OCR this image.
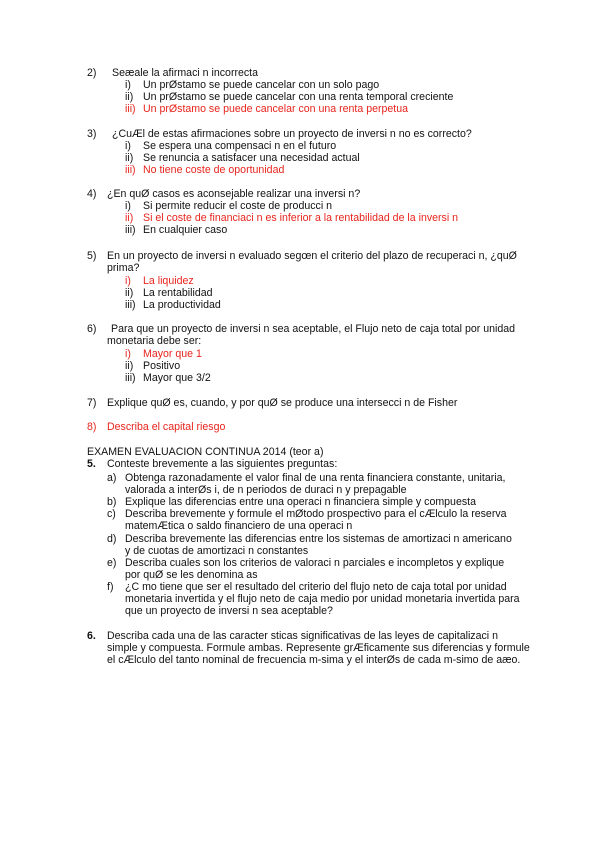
2) Seæale la afirmaci n incorrecta
i) Un prØstamo se puede cancelar con un solo pago
ii) Un prØstamo se puede cancelar con una renta temporal creciente
iii) Un prØstamo se puede cancelar con una renta perpetua
3) ¿CuÆl de estas afirmaciones sobre un proyecto de inversi n no es correcto?
i) Se espera una compensaci n en el futuro
ii) Se renuncia a satisfacer una necesidad actual
iii) No tiene coste de oportunidad
4) ¿En quØ casos es aconsejable realizar una inversi n?
i) Si permite reducir el coste de producci n
ii) Si el coste de financiaci n es inferior a la rentabilidad de la inversi n
iii) En cualquier caso
5) En un proyecto de inversi n evaluado segœn el criterio del plazo de recuperaci n, ¿quØ
prima?
i) La liquidez
ii) La rentabilidad
iii) La productividad
6) Para que un proyecto de inversi n sea aceptable, el Flujo neto de caja total por unidad
monetaria debe ser:
i) Mayor que 1
ii) Positivo
iii) Mayor que 3/2
7) Explique quØ es, cuando, y por quØ se produce una intersecci n de Fisher
8) Describa el capital riesgo
EXAMEN EVALUACION CONTINUA 2014 (teor a)
5. Conteste brevemente a las siguientes preguntas:
a) Obtenga razonadamente el valor final de una renta financiera constante, unitaria,
valorada a interØs i, de n periodos de duraci n y prepagable
b) Explique las diferencias entre una operaci n financiera simple y compuesta
c) Describa brevemente y formule el mØtodo prospectivo para el cÆlculo la reserva
matemÆtica o saldo financiero de una operaci n
d) Describa brevemente las diferencias entre los sistemas de amortizaci n americano
y de cuotas de amortizaci n constantes
e) Describa cuales son los criterios de valoraci n parciales e incompletos y explique
por quØ se les denomina as
f) ¿C mo tiene que ser el resultado del criterio del flujo neto de caja total por unidad
monetaria invertida y el flujo neto de caja medio por unidad monetaria invertida para
que un proyecto de inversi n sea aceptable?
6. Describa cada una de las caracter sticas significativas de las leyes de capitalizaci n
simple y compuesta. Formule ambas. Represente grÆficamente sus diferencias y formule
el cÆlculo del tanto nominal de frecuencia m-sima y el interØs de cada m-simo de aæo.
